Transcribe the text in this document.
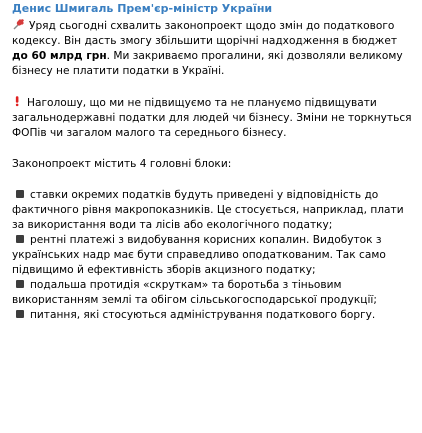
Денис Шмигаль Прем'єр-міністр України

Уряд сьогодні схвалить законопроект щодо змін до податкового кодексу. Він дасть змогу збільшити щорічні надходження в бюджет до 60 млрд грн. Ми закриваємо прогалини, які дозволяли великому бізнесу не платити податки в Україні.

Наголошу, що ми не підвищуємо та не плануємо підвищувати загальнодержавні податки для людей чи бізнесу. Зміни не торкнуться ФОПів чи загалом малого та середнього бізнесу.

Законопроект містить 4 головні блоки:

ставки окремих податків будуть приведені у відповідність до фактичного рівня макропоказників. Це стосується, наприклад, плати за використання води та лісів або екологічного податку;

рентні платежі з видобування корисних копалин. Видобуток з українських надр має бути справедливо оподаткованим. Так само підвищимо й ефективність зборів акцизного податку;

подальша протидія «скруткам» та боротьба з тіньовим використанням землі та обігом сільськогосподарської продукції;

питання, які стосуються адміністрування податкового боргу.
